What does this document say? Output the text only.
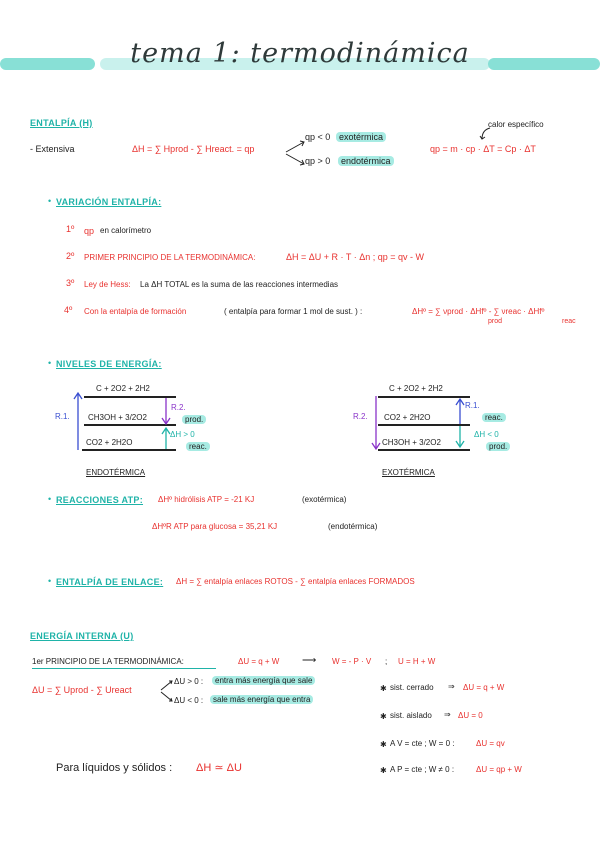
tema 1: termodinámica
ENTALPÍA (H)
- Extensiva	ΔH = ∑ Hprod - ∑ Hreact. = qp
qp < 0 exotérmica
qp > 0	endotérmica
calor específico
qp = m · cp · ΔT = Cp · ΔT
• VARIACIÓN ENTALPÍA:
1º qp en calorímetro
2º PRIMER PRINCIPIO DE LA TERMODINÁMICA:	ΔH = ΔU + R · T · Δn ; qp = qv - W
3º Ley de Hess: La ΔH TOTAL es la suma de las reacciones intermedias
4º Con la entalpía de formación	( entalpía para formar 1 mol de sust. ) :	ΔHº = ∑ νprod · ΔHfº - ∑ νreac · ΔHfº
prod	reac
• NIVELES DE ENERGÍA:
C + 2O2 + 2H2
CH3OH + 3/2O2
CO2 + 2H2O
R.1.
R.2.
prod.
ΔH > 0
reac.
ENDOTÉRMICA
C + 2O2 + 2H2
CO2 + 2H2O
CH3OH + 3/2O2
R.2.
R.1.
reac.
ΔH < 0
prod.
EXOTÉRMICA
• REACCIONES ATP: ΔHº hidrólisis ATP = -21 KJ	(exotérmica)
ΔHºR ATP para glucosa = 35,21 KJ	(endotérmica)
• ENTALPÍA DE ENLACE: ΔH = ∑ entalpía enlaces ROTOS - ∑ entalpía enlaces FORMADOS
ENERGÍA INTERNA (U)
1er PRINCIPIO DE LA TERMODINÁMICA:	ΔU = q + W ⟶ W = - P · V ; U = H + W
ΔU = ∑ Uprod - ∑ Ureact
ΔU > 0 :	entra más energía que sale
ΔU < 0 :	sale más energía que entra
✱ sist. cerrado ⇒ ΔU = q + W
✱ sist. aislado ⇒ ΔU = 0
✱ A V = cte ; W = 0 :	ΔU = qv
✱ A P = cte ; W ≠ 0 :	ΔU = qp + W
Para líquidos y sólidos : ΔH ≃ ΔU
